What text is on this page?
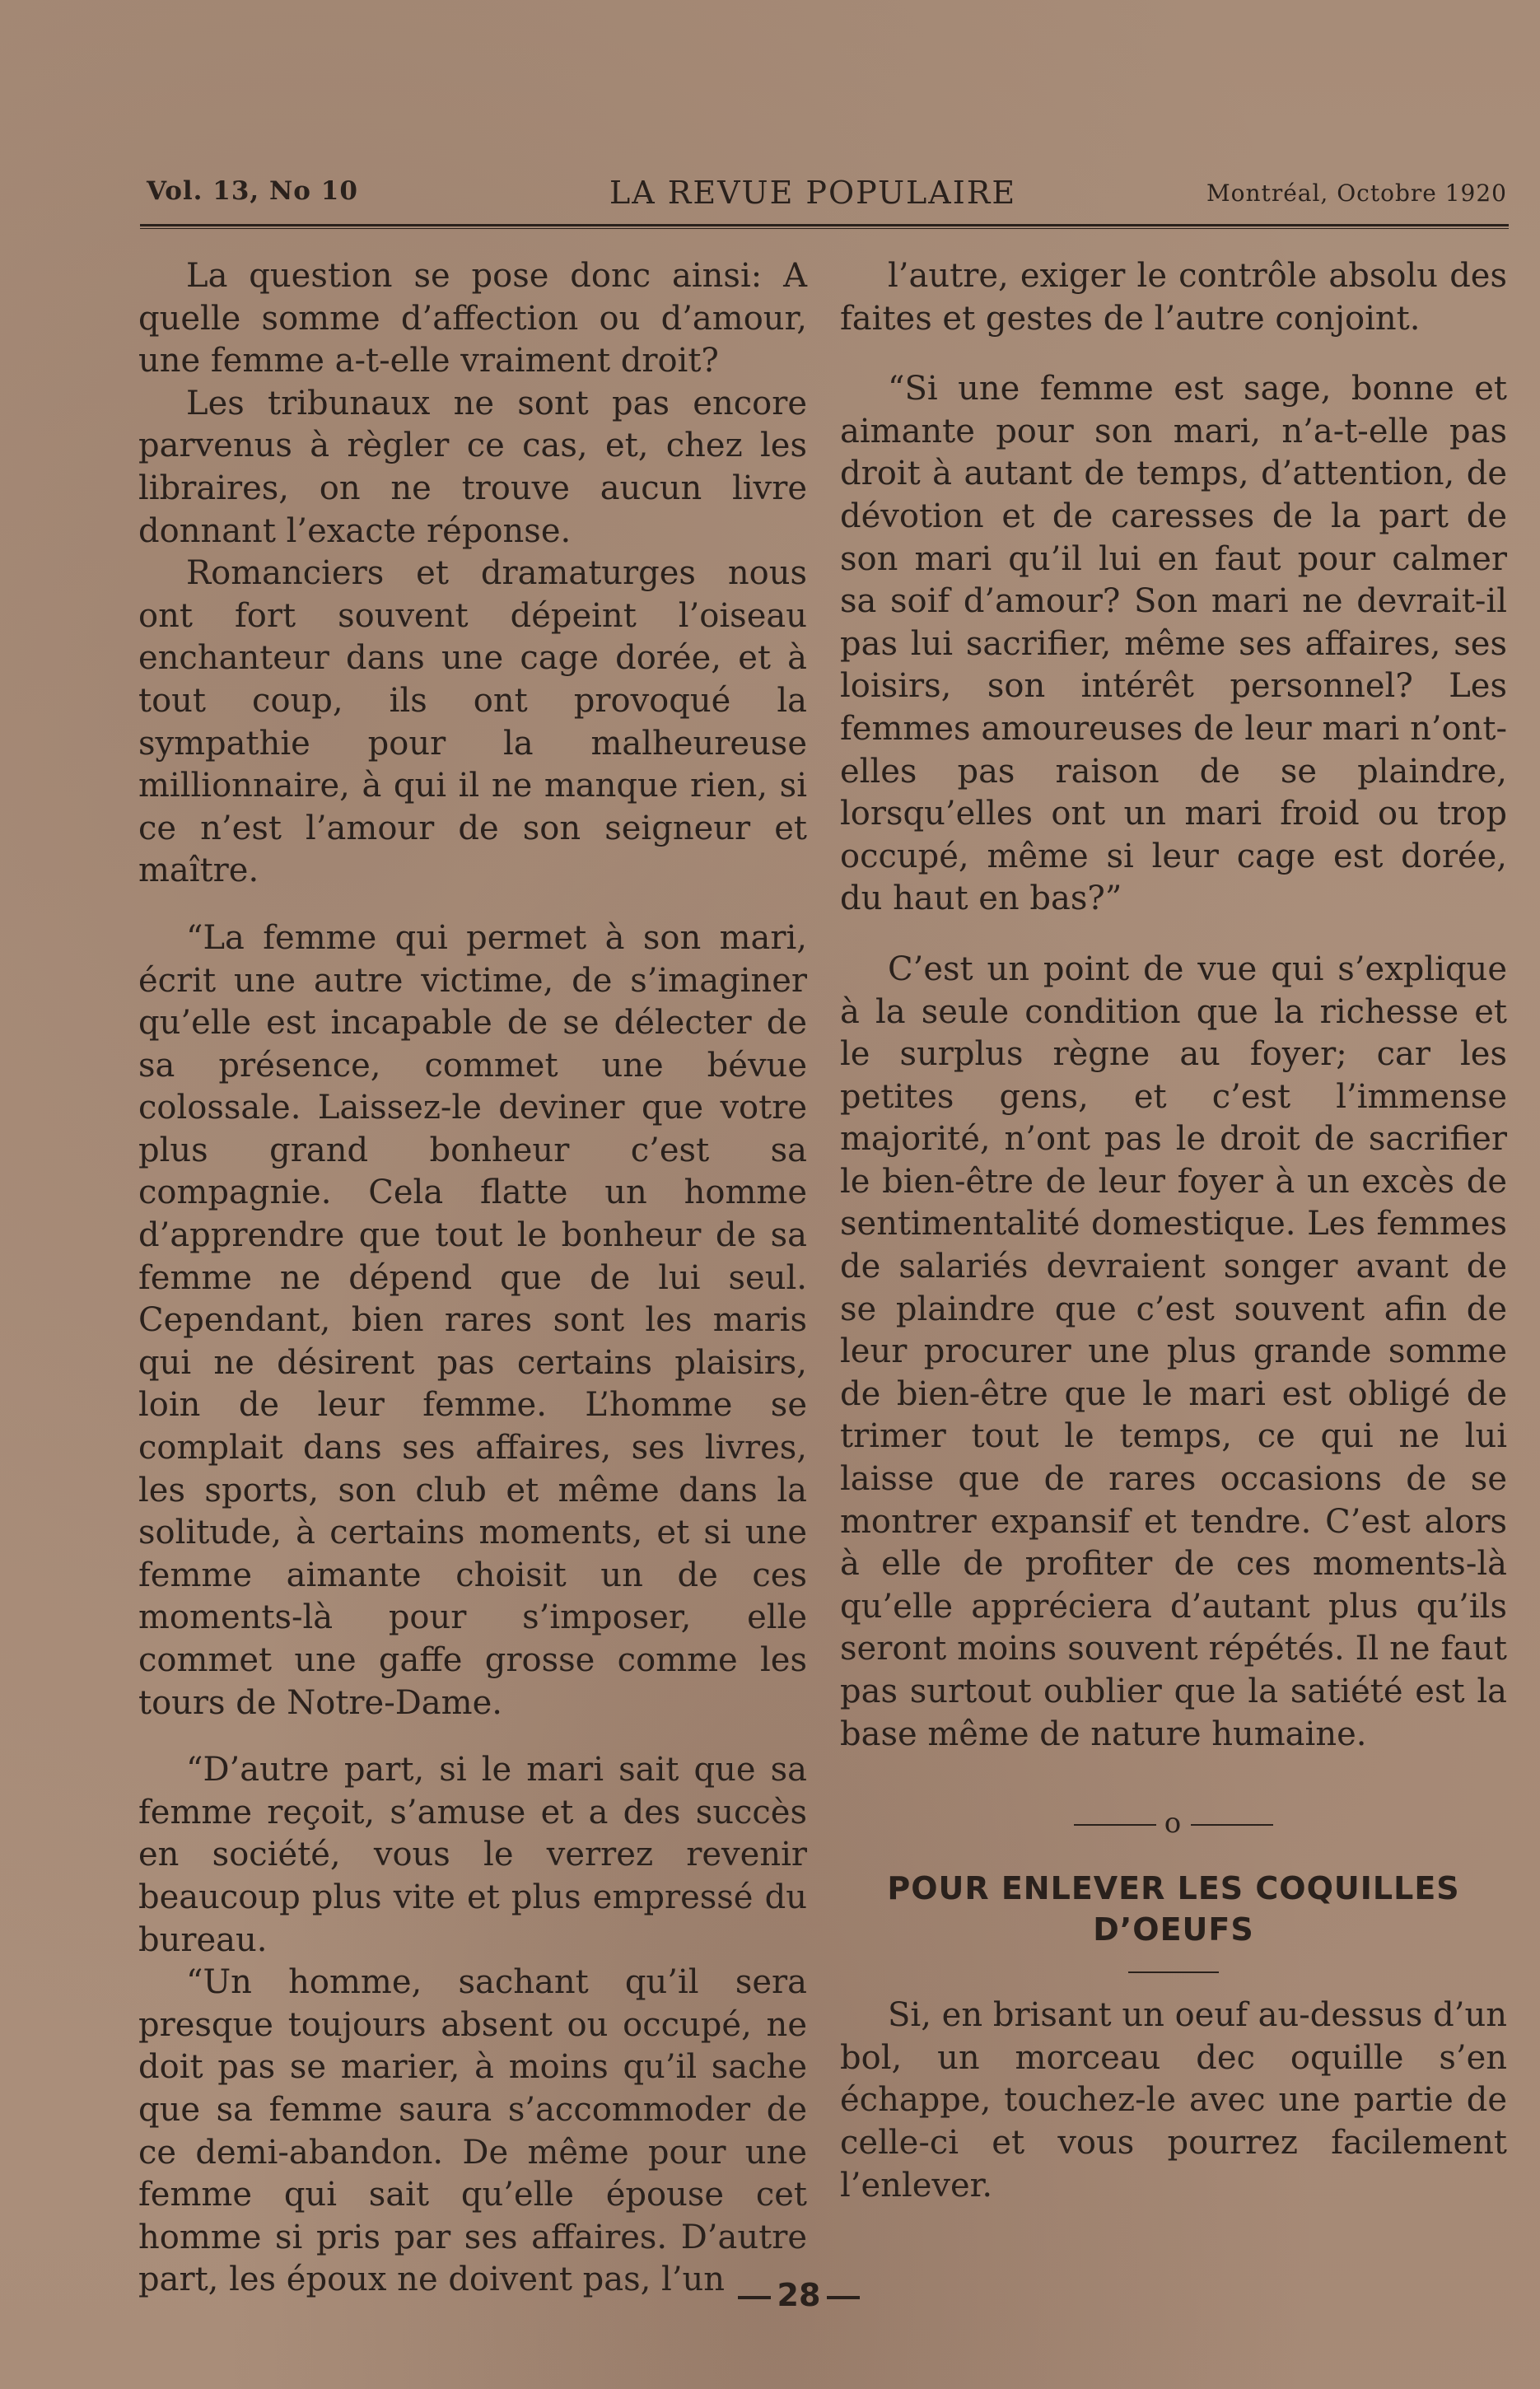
Vol. 13, No 10	LA REVUE POPULAIRE	Montréal, Octobre 1920

La question se pose donc ainsi: A quelle somme d’affection ou d’amour, une femme a-t-elle vraiment droit?

Les tribunaux ne sont pas encore parvenus à règler ce cas, et, chez les libraires, on ne trouve aucun livre donnant l’exacte réponse.

Romanciers et dramaturges nous ont fort souvent dépeint l’oiseau enchanteur dans une cage dorée, et à tout coup, ils ont provoqué la sympathie pour la malheureuse millionnaire, à qui il ne manque rien, si ce n’est l’amour de son seigneur et maître.

“La femme qui permet à son mari, écrit une autre victime, de s’imaginer qu’elle est incapable de se délecter de sa présence, commet une bévue colossale. Laissez-le deviner que votre plus grand bonheur c’est sa compagnie. Cela flatte un homme d’apprendre que tout le bonheur de sa femme ne dépend que de lui seul. Cependant, bien rares sont les maris qui ne désirent pas certains plaisirs, loin de leur femme. L’homme se complait dans ses affaires, ses livres, les sports, son club et même dans la solitude, à certains moments, et si une femme aimante choisit un de ces moments-là pour s’imposer, elle commet une gaffe grosse comme les tours de Notre-Dame.

“D’autre part, si le mari sait que sa femme reçoit, s’amuse et a des succès en société, vous le verrez revenir beaucoup plus vite et plus empressé du bureau.

“Un homme, sachant qu’il sera presque toujours absent ou occupé, ne doit pas se marier, à moins qu’il sache que sa femme saura s’accommoder de ce demi-abandon. De même pour une femme qui sait qu’elle épouse cet homme si pris par ses affaires. D’autre part, les époux ne doivent pas, l’un

l’autre, exiger le contrôle absolu des faites et gestes de l’autre conjoint.

“Si une femme est sage, bonne et aimante pour son mari, n’a-t-elle pas droit à autant de temps, d’attention, de dévotion et de caresses de la part de son mari qu’il lui en faut pour calmer sa soif d’amour? Son mari ne devrait-il pas lui sacrifier, même ses affaires, ses loisirs, son intérêt personnel? Les femmes amoureuses de leur mari n’ont-elles pas raison de se plaindre, lorsqu’elles ont un mari froid ou trop occupé, même si leur cage est dorée, du haut en bas?”

C’est un point de vue qui s’explique à la seule condition que la richesse et le surplus règne au foyer; car les petites gens, et c’est l’immense majorité, n’ont pas le droit de sacrifier le bien-être de leur foyer à un excès de sentimentalité domestique. Les femmes de salariés devraient songer avant de se plaindre que c’est souvent afin de leur procurer une plus grande somme de bien-être que le mari est obligé de trimer tout le temps, ce qui ne lui laisse que de rares occasions de se montrer expansif et tendre. C’est alors à elle de profiter de ces moments-là qu’elle appréciera d’autant plus qu’ils seront moins souvent répétés. Il ne faut pas surtout oublier que la satiété est la base même de nature humaine.

o
POUR ENLEVER LES COQUILLES D’OEUFS

Si, en brisant un oeuf au-dessus d’un bol, un morceau dec oquille s’en échappe, touchez-le avec une partie de celle-ci et vous pourrez facilement l’enlever.

28
